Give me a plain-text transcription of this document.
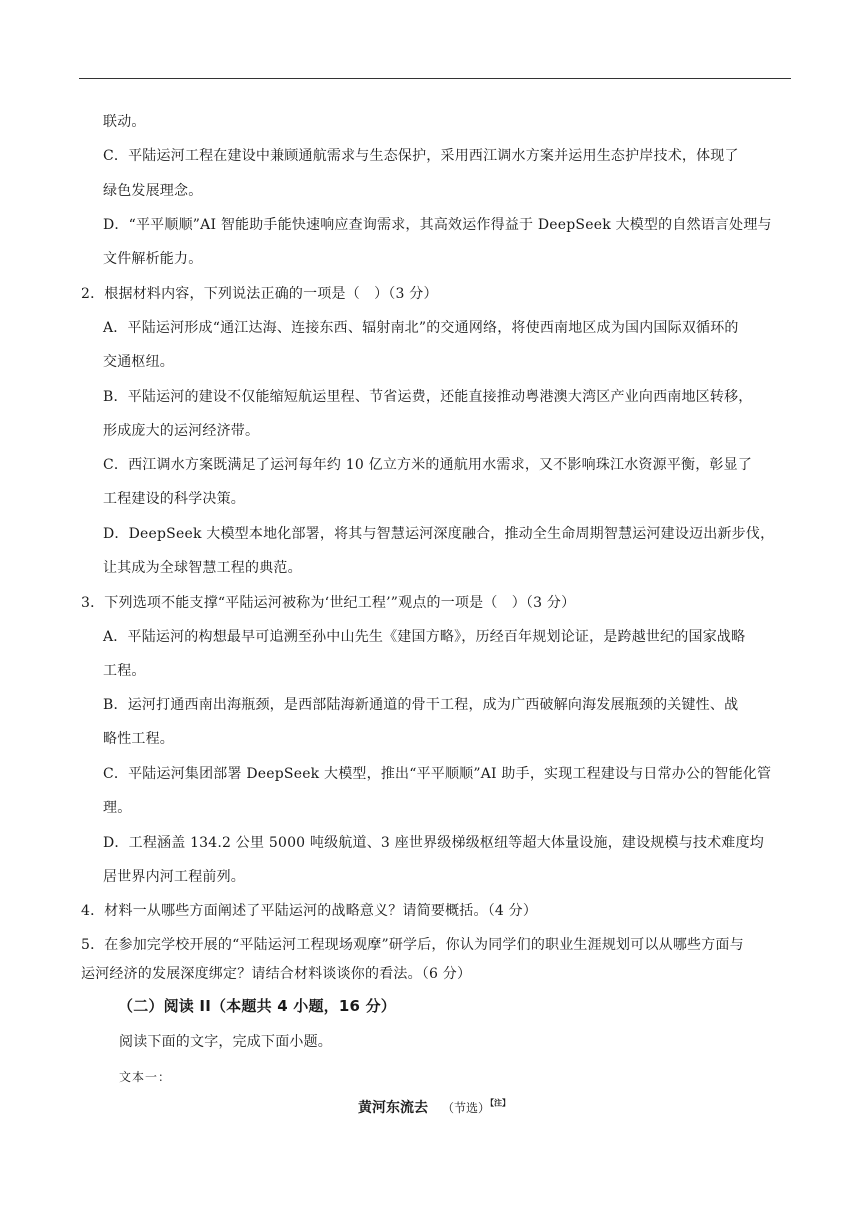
联动。
C．平陆运河工程在建设中兼顾通航需求与生态保护，采用西江调水方案并运用生态护岸技术，体现了
绿色发展理念。
D．“平平顺顺”AI 智能助手能快速响应查询需求，其高效运作得益于 DeepSeek 大模型的自然语言处理与
文件解析能力。
2．根据材料内容，下列说法正确的一项是（　）（3 分）
A．平陆运河形成“通江达海、连接东西、辐射南北”的交通网络，将使西南地区成为国内国际双循环的
交通枢纽。
B．平陆运河的建设不仅能缩短航运里程、节省运费，还能直接推动粤港澳大湾区产业向西南地区转移，
形成庞大的运河经济带。
C．西江调水方案既满足了运河每年约 10 亿立方米的通航用水需求，又不影响珠江水资源平衡，彰显了
工程建设的科学决策。
D．DeepSeek 大模型本地化部署，将其与智慧运河深度融合，推动全生命周期智慧运河建设迈出新步伐，
让其成为全球智慧工程的典范。
3．下列选项不能支撑“平陆运河被称为‘世纪工程’”观点的一项是（　）（3 分）
A．平陆运河的构想最早可追溯至孙中山先生《建国方略》，历经百年规划论证，是跨越世纪的国家战略
工程。
B．运河打通西南出海瓶颈，是西部陆海新通道的骨干工程，成为广西破解向海发展瓶颈的关键性、战
略性工程。
C．平陆运河集团部署 DeepSeek 大模型，推出“平平顺顺”AI 助手，实现工程建设与日常办公的智能化管
理。
D．工程涵盖 134.2 公里 5000 吨级航道、3 座世界级梯级枢纽等超大体量设施，建设规模与技术难度均
居世界内河工程前列。
4．材料一从哪些方面阐述了平陆运河的战略意义？请简要概括。（4 分）
5．在参加完学校开展的“平陆运河工程现场观摩”研学后，你认为同学们的职业生涯规划可以从哪些方面与
运河经济的发展深度绑定？请结合材料谈谈你的看法。（6 分）
（二）阅读 II（本题共 4 小题，16 分）
阅读下面的文字，完成下面小题。
文本一：
黄河东流去 （节选）$^{【注】}$
